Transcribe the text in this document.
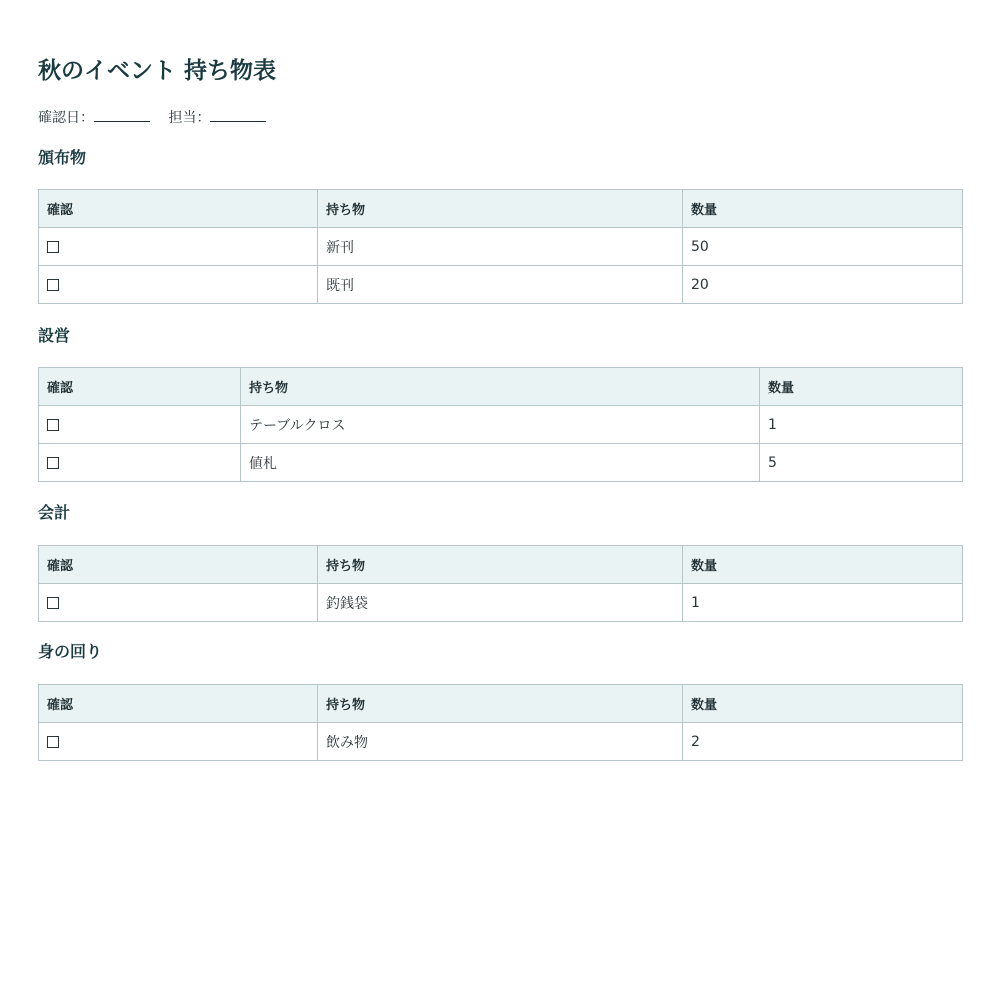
秋のイベント 持ち物表
確認日：	担当：
頒布物
確認	持ち物	数量
	新刊	50
	既刊	20
設営
確認	持ち物	数量
	テーブルクロス	1
	値札	5
会計
確認	持ち物	数量
	釣銭袋	1
身の回り
確認	持ち物	数量
	飲み物	2
